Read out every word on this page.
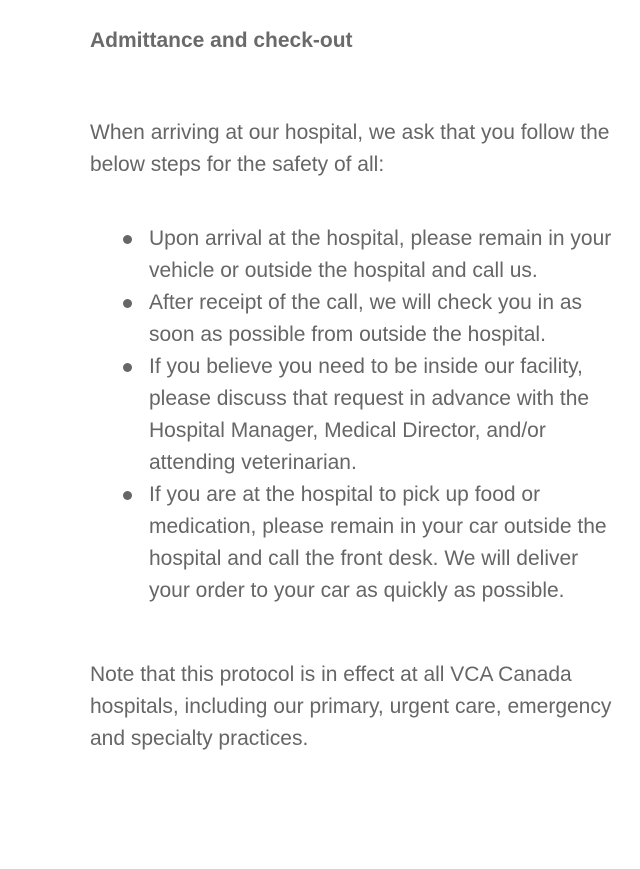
Admittance and check-out

When arriving at our hospital, we ask that you follow the below steps for the safety of all:

Upon arrival at the hospital, please remain in your vehicle or outside the hospital and call us.
After receipt of the call, we will check you in as soon as possible from outside the hospital.
If you believe you need to be inside our facility, please discuss that request in advance with the Hospital Manager, Medical Director, and/or attending veterinarian.
If you are at the hospital to pick up food or medication, please remain in your car outside the hospital and call the front desk. We will deliver your order to your car as quickly as possible.

Note that this protocol is in effect at all VCA Canada hospitals, including our primary, urgent care, emergency and specialty practices.
